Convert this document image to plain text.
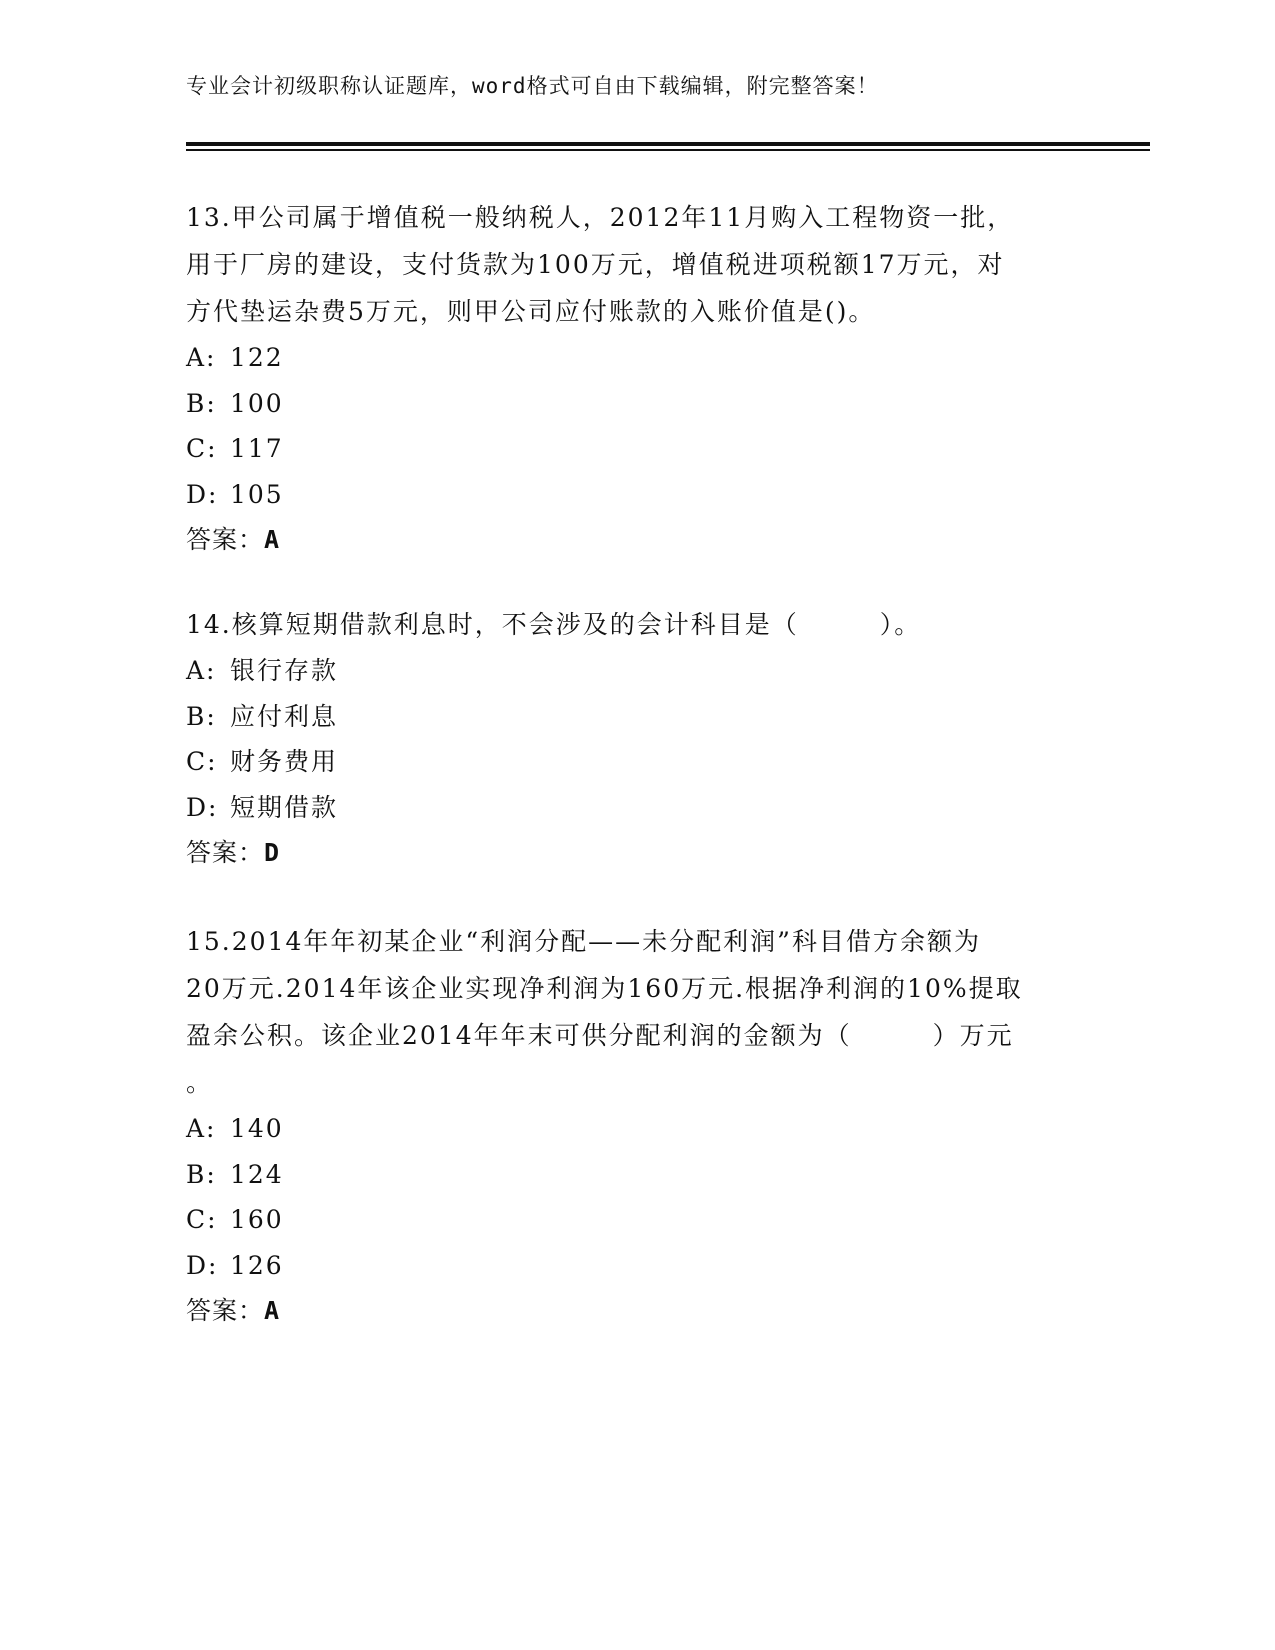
专业会计初级职称认证题库，word格式可自由下载编辑，附完整答案！
13.甲公司属于增值税一般纳税人，2012年11月购入工程物资一批，
用于厂房的建设，支付货款为100万元，增值税进项税额17万元，对
方代垫运杂费5万元，则甲公司应付账款的入账价值是()。
A: 122
B: 100
C: 117
D: 105
答案：A
14.核算短期借款利息时，不会涉及的会计科目是（　　　）。
A: 银行存款
B: 应付利息
C: 财务费用
D: 短期借款
答案：D
15.2014年年初某企业“利润分配——未分配利润”科目借方余额为
20万元.2014年该企业实现净利润为160万元.根据净利润的10%提取
盈余公积。该企业2014年年末可供分配利润的金额为（　　　）万元
。
A: 140
B: 124
C: 160
D: 126
答案：A
